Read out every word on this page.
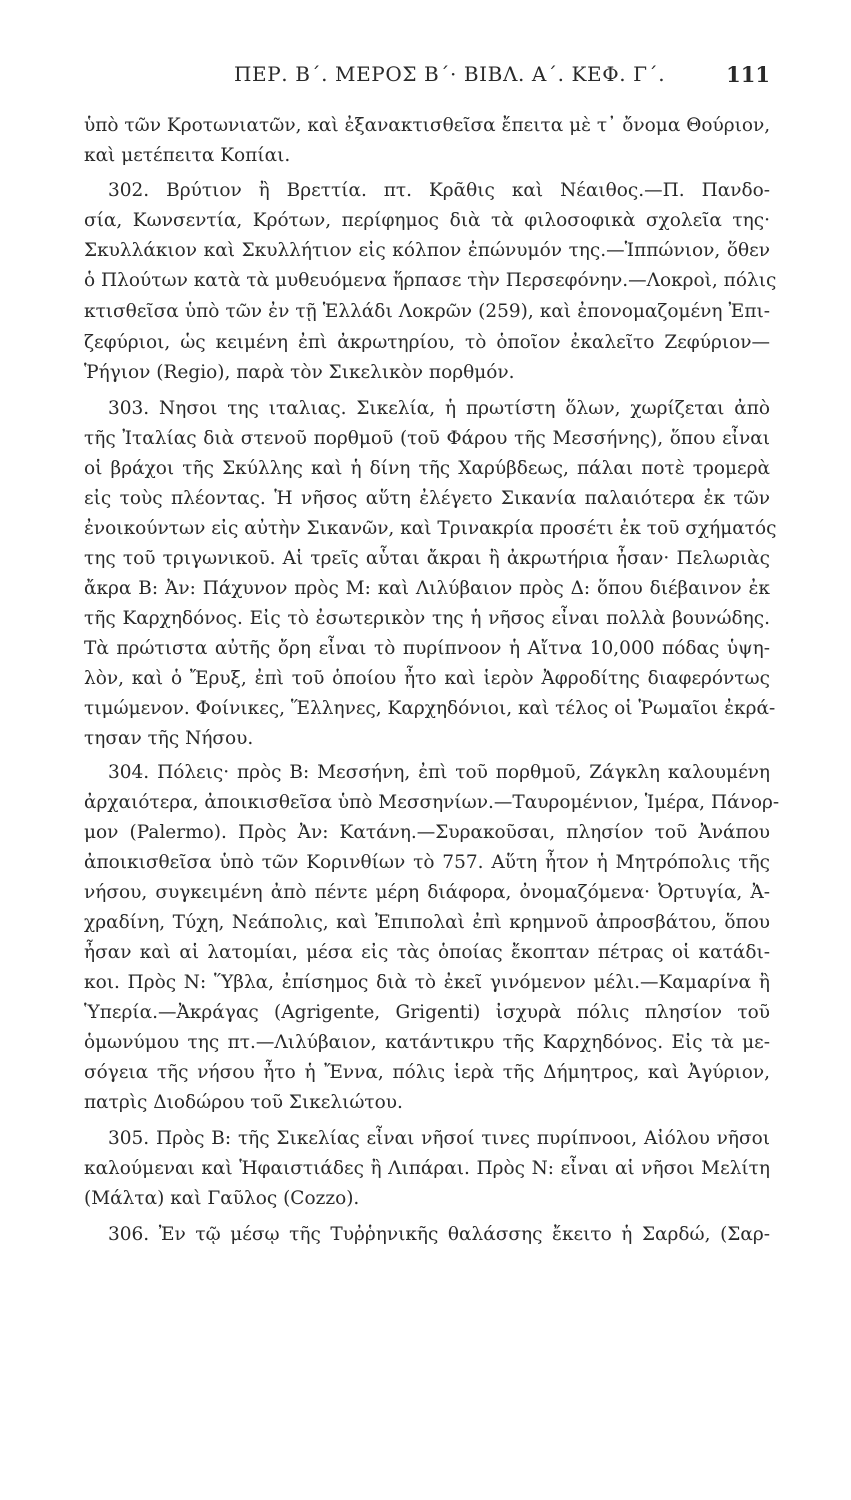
ΠΕΡ. Β΄. ΜΕΡΟΣ Β΄· ΒΙΒΛ. Α΄. ΚΕΦ. Γ΄.	111
ὑπὸ τῶν Κροτωνιατῶν, καὶ ἐξανακτισθεῖσα ἔπειτα μὲ τ᾽ ὄνομα Θούριον,
καὶ μετέπειτα Κοπίαι.
302. Βρύτιον ἢ Βρεττία. πτ. Κρᾶθις καὶ Νέαιθος.—Π. Πανδο-
σία, Κωνσεντία, Κρότων, περίφημος διὰ τὰ φιλοσοφικὰ σχολεῖα της·
Σκυλλάκιον καὶ Σκυλλήτιον εἰς κόλπον ἐπώνυμόν της.—Ἱππώνιον, ὅθεν
ὁ Πλούτων κατὰ τὰ μυθευόμενα ἥρπασε τὴν Περσεφόνην.—Λοκροὶ, πόλις
κτισθεῖσα ὑπὸ τῶν ἐν τῇ Ἑλλάδι Λοκρῶν (259), καὶ ἐπονομαζομένη Ἐπι-
ζεφύριοι, ὡς κειμένη ἐπὶ ἀκρωτηρίου, τὸ ὁποῖον ἐκαλεῖτο Ζεφύριον—
Ῥήγιον (Regio), παρὰ τὸν Σικελικὸν πορθμόν.
303. Νησοι της ιταλιας. Σικελία, ἡ πρωτίστη ὅλων, χωρίζεται ἀπὸ
τῆς Ἰταλίας διὰ στενοῦ πορθμοῦ (τοῦ Φάρου τῆς Μεσσήνης), ὅπου εἶναι
οἱ βράχοι τῆς Σκύλλης καὶ ἡ δίνη τῆς Χαρύβδεως, πάλαι ποτὲ τρομερὰ
εἰς τοὺς πλέοντας. Ἡ νῆσος αὕτη ἐλέγετο Σικανία παλαιότερα ἐκ τῶν
ἐνοικούντων εἰς αὐτὴν Σικανῶν, καὶ Τρινακρία προσέτι ἐκ τοῦ σχήματός
της τοῦ τριγωνικοῦ. Αἱ τρεῖς αὗται ἄκραι ἢ ἀκρωτήρια ἦσαν· Πελωριὰς
ἄκρα Β: Ἀν: Πάχυνον πρὸς Μ: καὶ Λιλύβαιον πρὸς Δ: ὅπου διέβαινον ἐκ
τῆς Καρχηδόνος. Εἰς τὸ ἐσωτερικὸν της ἡ νῆσος εἶναι πολλὰ βουνώδης.
Τὰ πρώτιστα αὐτῆς ὄρη εἶναι τὸ πυρίπνοον ἡ Αἴτνα 10,000 πόδας ὑψη-
λὸν, καὶ ὁ Ἔρυξ, ἐπὶ τοῦ ὁποίου ἦτο καὶ ἱερὸν Ἀφροδίτης διαφερόντως
τιμώμενον. Φοίνικες, Ἕλληνες, Καρχηδόνιοι, καὶ τέλος οἱ Ῥωμαῖοι ἐκρά-
τησαν τῆς Νήσου.
304. Πόλεις· πρὸς Β: Μεσσήνη, ἐπὶ τοῦ πορθμοῦ, Ζάγκλη καλουμένη
ἀρχαιότερα, ἀποικισθεῖσα ὑπὸ Μεσσηνίων.—Ταυρομένιον, Ἱμέρα, Πάνορ-
μον (Palermo). Πρὸς Ἀν: Κατάνη.—Συρακοῦσαι, πλησίον τοῦ Ἀνάπου
ἀποικισθεῖσα ὑπὸ τῶν Κορινθίων τὸ 757. Αὕτη ἦτον ἡ Μητρόπολις τῆς
νήσου, συγκειμένη ἀπὸ πέντε μέρη διάφορα, ὀνομαζόμενα· Ὀρτυγία, Ἀ-
χραδίνη, Τύχη, Νεάπολις, καὶ Ἐπιπολαὶ ἐπὶ κρημνοῦ ἀπροσβάτου, ὅπου
ἦσαν καὶ αἱ λατομίαι, μέσα εἰς τὰς ὁποίας ἔκοπταν πέτρας οἱ κατάδι-
κοι. Πρὸς Ν: Ὕβλα, ἐπίσημος διὰ τὸ ἐκεῖ γινόμενον μέλι.—Καμαρίνα ἢ
Ὑπερία.—Ἀκράγας (Agrigente, Grigenti) ἰσχυρὰ πόλις πλησίον τοῦ
ὁμωνύμου της πτ.—Λιλύβαιον, κατάντικρυ τῆς Καρχηδόνος. Εἰς τὰ με-
σόγεια τῆς νήσου ἦτο ἡ Ἔννα, πόλις ἱερὰ τῆς Δήμητρος, καὶ Ἀγύριον,
πατρὶς Διοδώρου τοῦ Σικελιώτου.
305. Πρὸς Β: τῆς Σικελίας εἶναι νῆσοί τινες πυρίπνοοι, Αἰόλου νῆσοι
καλούμεναι καὶ Ἡφαιστιάδες ἢ Λιπάραι. Πρὸς Ν: εἶναι αἱ νῆσοι Μελίτη
(Μάλτα) καὶ Γαῦλος (Cozzo).
306. Ἐν τῷ μέσῳ τῆς Τυῤῥηνικῆς θαλάσσης ἔκειτο ἡ Σαρδώ, (Σαρ-
